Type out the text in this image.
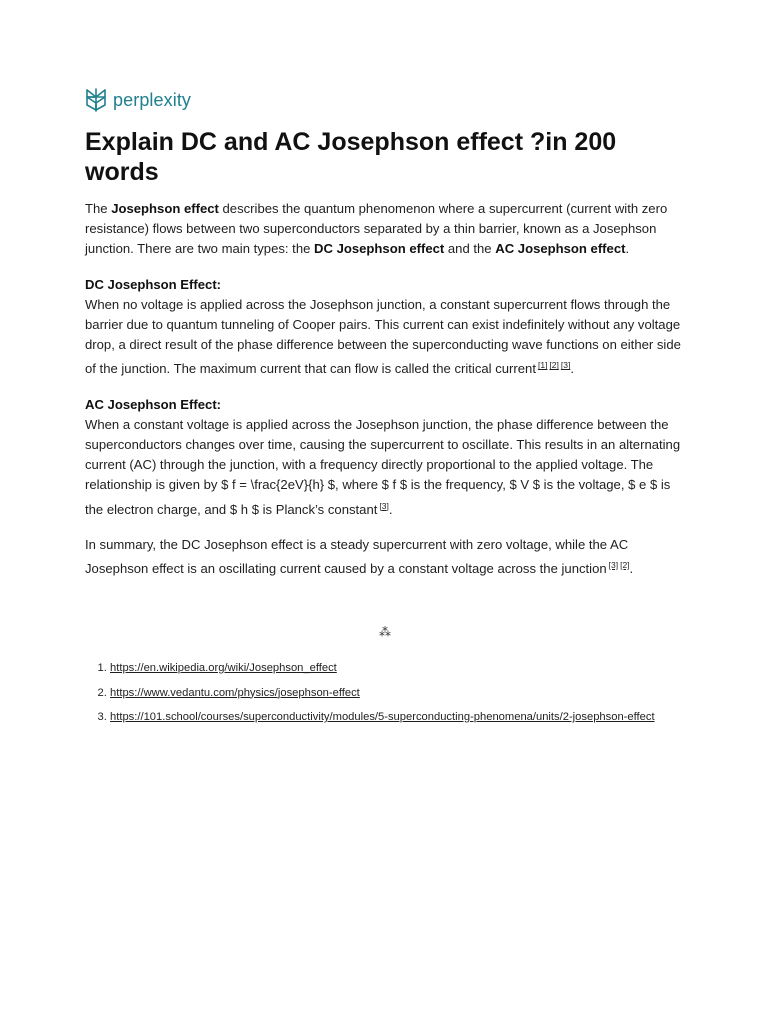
perplexity
Explain DC and AC Josephson effect ?in 200 words

The Josephson effect describes the quantum phenomenon where a supercurrent (current with zero resistance) flows between two superconductors separated by a thin barrier, known as a Josephson junction. There are two main types: the DC Josephson effect and the AC Josephson effect.

DC Josephson Effect:
When no voltage is applied across the Josephson junction, a constant supercurrent flows through the barrier due to quantum tunneling of Cooper pairs. This current can exist indefinitely without any voltage drop, a direct result of the phase difference between the superconducting wave functions on either side of the junction. The maximum current that can flow is called the critical current [1] [2] [3].

AC Josephson Effect:
When a constant voltage is applied across the Josephson junction, the phase difference between the superconductors changes over time, causing the supercurrent to oscillate. This results in an alternating current (AC) through the junction, with a frequency directly proportional to the applied voltage. The relationship is given by $ f = \frac{2eV}{h} $, where $ f $ is the frequency, $ V $ is the voltage, $ e $ is the electron charge, and $ h $ is Planck’s constant [3].

In summary, the DC Josephson effect is a steady supercurrent with zero voltage, while the AC Josephson effect is an oscillating current caused by a constant voltage across the junction [3] [2].

⁂
1. https://en.wikipedia.org/wiki/Josephson_effect
2. https://www.vedantu.com/physics/josephson-effect
3. https://101.school/courses/superconductivity/modules/5-superconducting-phenomena/units/2-josephson-effect
